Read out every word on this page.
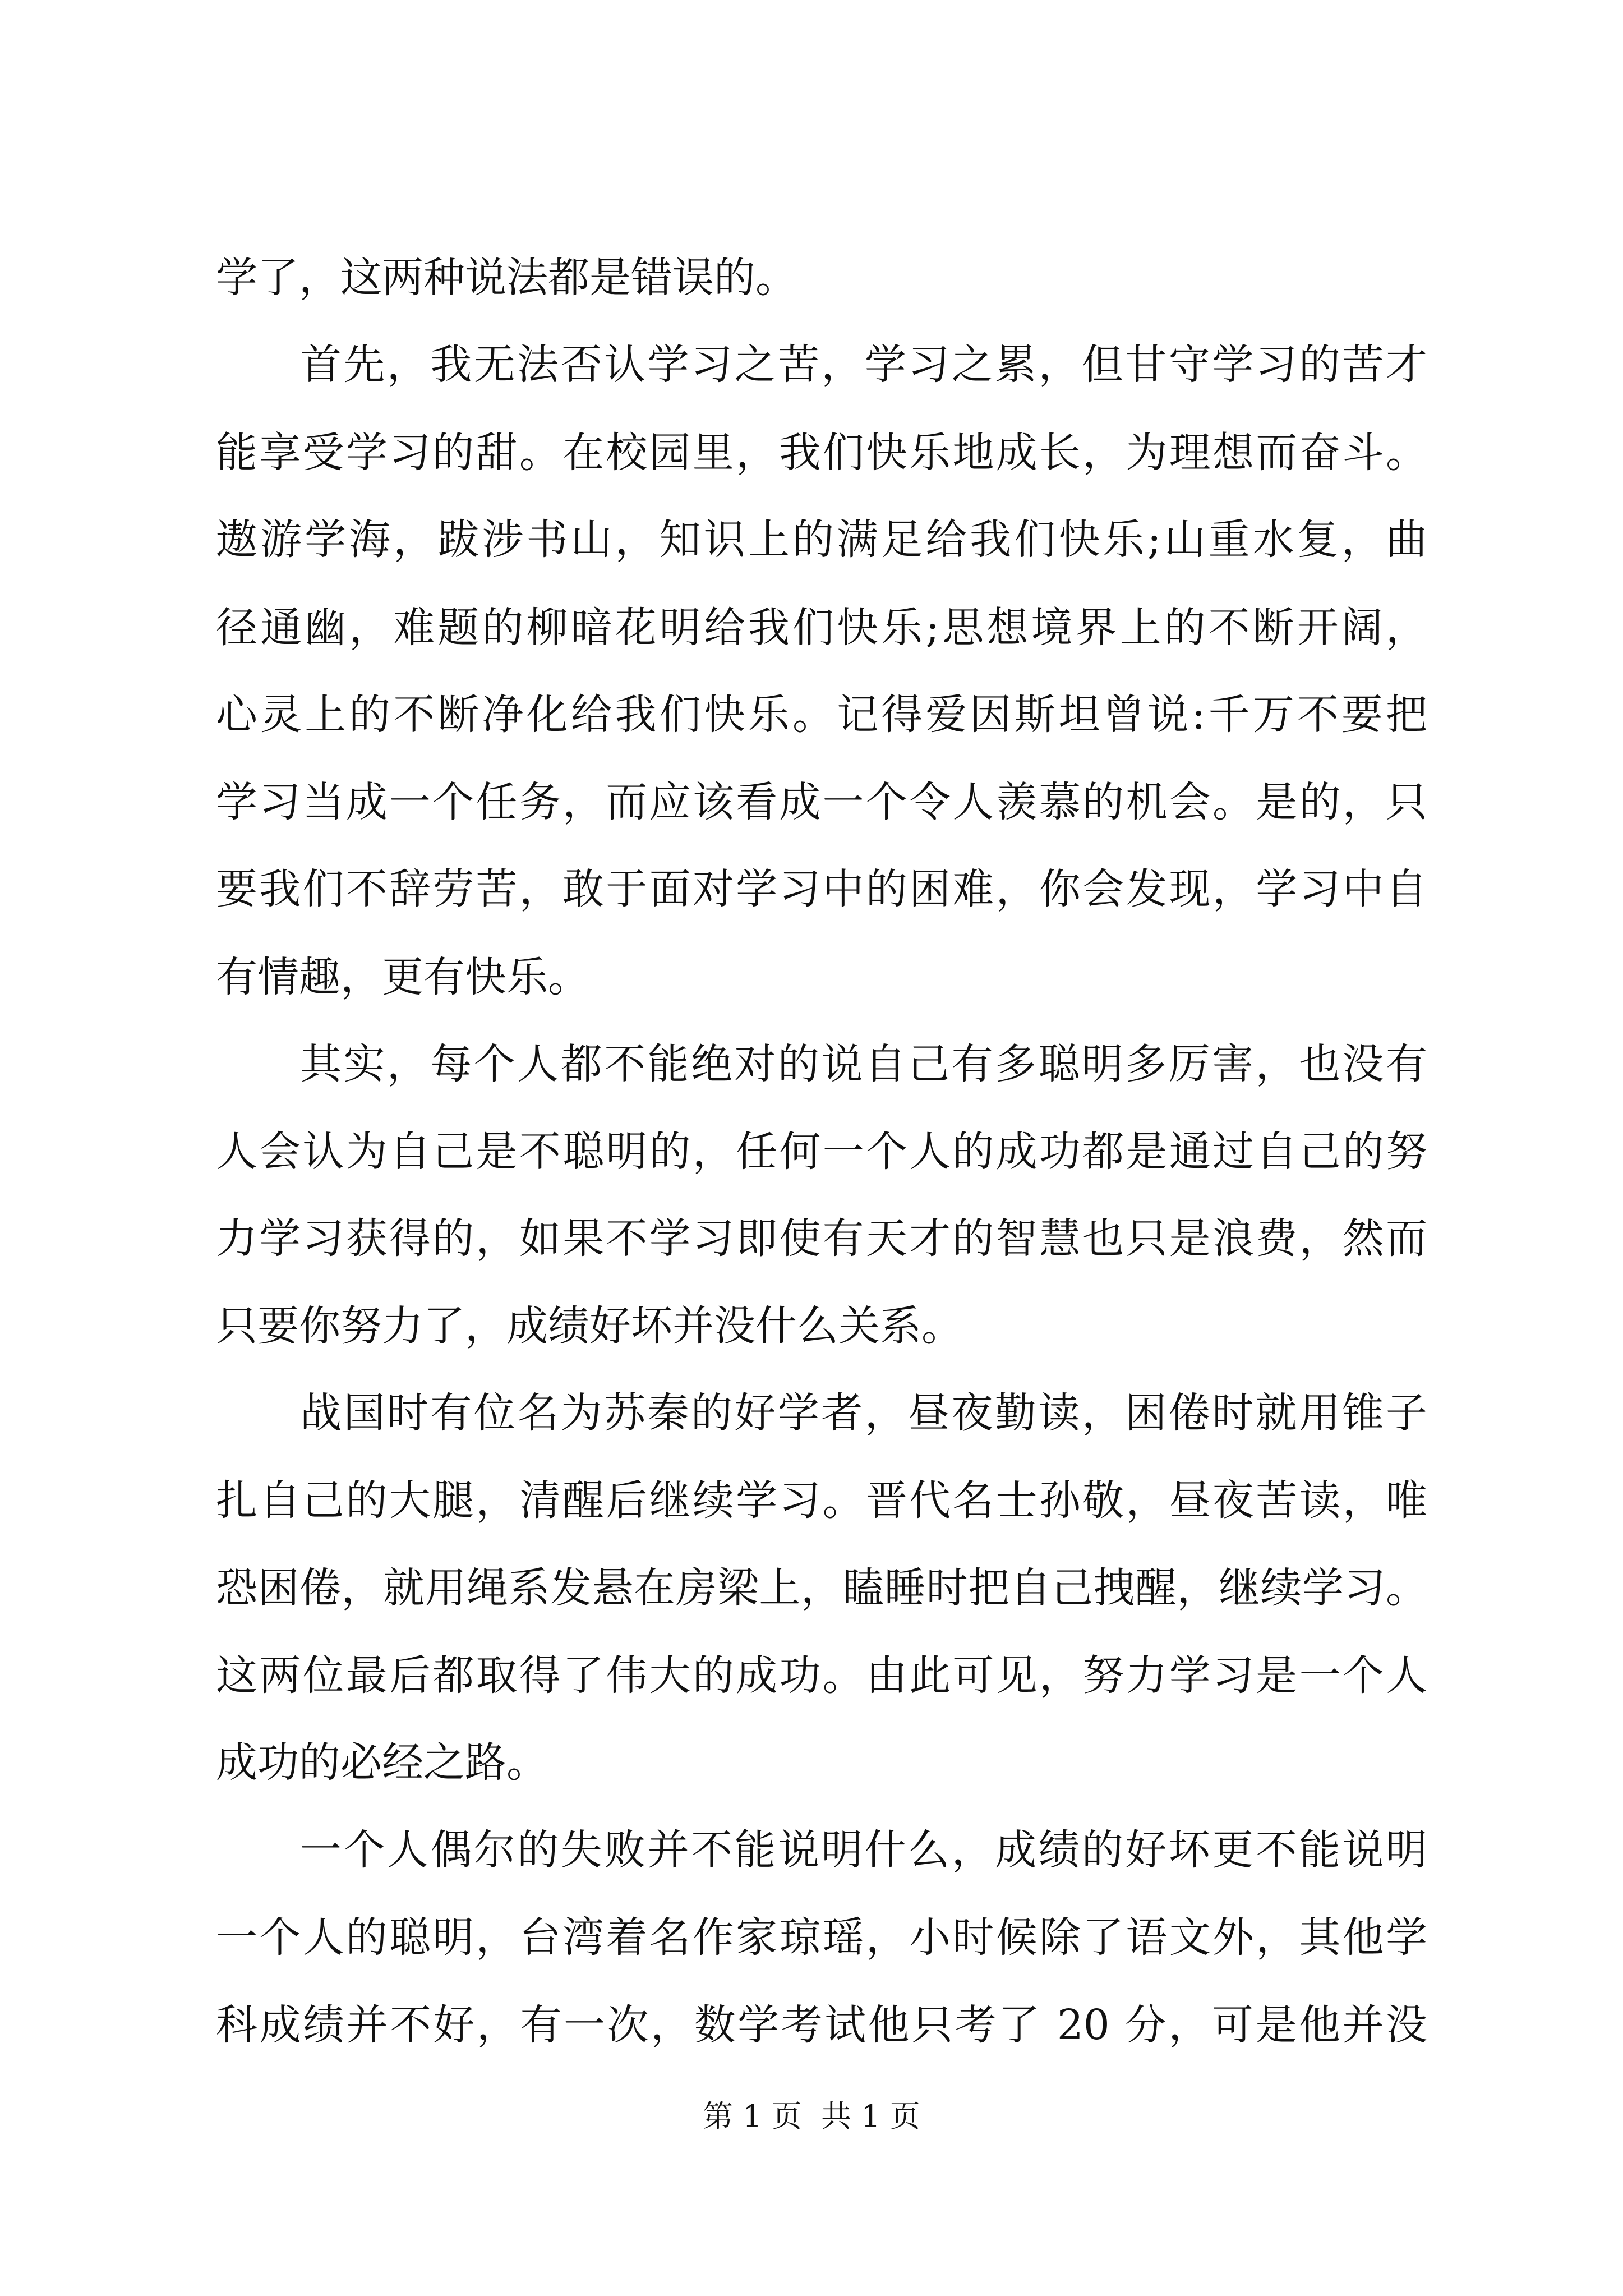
学了，这两种说法都是错误的。
首先，我无法否认学习之苦，学习之累，但甘守学习的苦才
能享受学习的甜。在校园里，我们快乐地成长，为理想而奋斗。
遨游学海，跋涉书山，知识上的满足给我们快乐;山重水复，曲
径通幽，难题的柳暗花明给我们快乐;思想境界上的不断开阔，
心灵上的不断净化给我们快乐。记得爱因斯坦曾说:千万不要把
学习当成一个任务，而应该看成一个令人羡慕的机会。是的，只
要我们不辞劳苦，敢于面对学习中的困难，你会发现，学习中自
有情趣，更有快乐。
其实，每个人都不能绝对的说自己有多聪明多厉害，也没有
人会认为自己是不聪明的，任何一个人的成功都是通过自己的努
力学习获得的，如果不学习即使有天才的智慧也只是浪费，然而
只要你努力了，成绩好坏并没什么关系。
战国时有位名为苏秦的好学者，昼夜勤读，困倦时就用锥子
扎自己的大腿，清醒后继续学习。晋代名士孙敬，昼夜苦读，唯
恐困倦，就用绳系发悬在房梁上，瞌睡时把自己拽醒，继续学习。
这两位最后都取得了伟大的成功。由此可见，努力学习是一个人
成功的必经之路。
一个人偶尔的失败并不能说明什么，成绩的好坏更不能说明
一个人的聪明，台湾着名作家琼瑶，小时候除了语文外，其他学
科成绩并不好，有一次，数学考试他只考了 20 分，可是他并没
第 1 页  共 1 页
